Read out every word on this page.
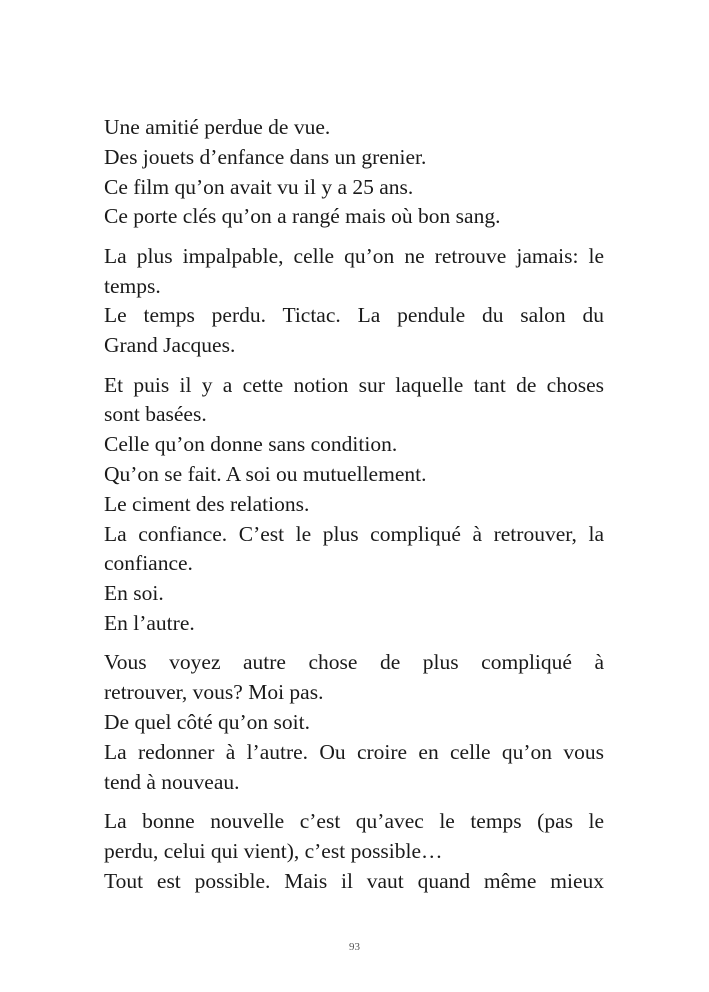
Une amitié perdue de vue.
Des jouets d’enfance dans un grenier.
Ce film qu’on avait vu il y a 25 ans.
Ce porte clés qu’on a rangé mais où bon sang.

La plus impalpable, celle qu’on ne retrouve jamais: le
temps.
Le temps perdu. Tictac. La pendule du salon du
Grand Jacques.

Et puis il y a cette notion sur laquelle tant de choses
sont basées.
Celle qu’on donne sans condition.
Qu’on se fait. A soi ou mutuellement.
Le ciment des relations.
La confiance. C’est le plus compliqué à retrouver, la
confiance.
En soi.
En l’autre.

Vous voyez autre chose de plus compliqué à
retrouver, vous? Moi pas.
De quel côté qu’on soit.
La redonner à l’autre. Ou croire en celle qu’on vous
tend à nouveau.

La bonne nouvelle c’est qu’avec le temps (pas le
perdu, celui qui vient), c’est possible…
Tout est possible. Mais il vaut quand même mieux

93
